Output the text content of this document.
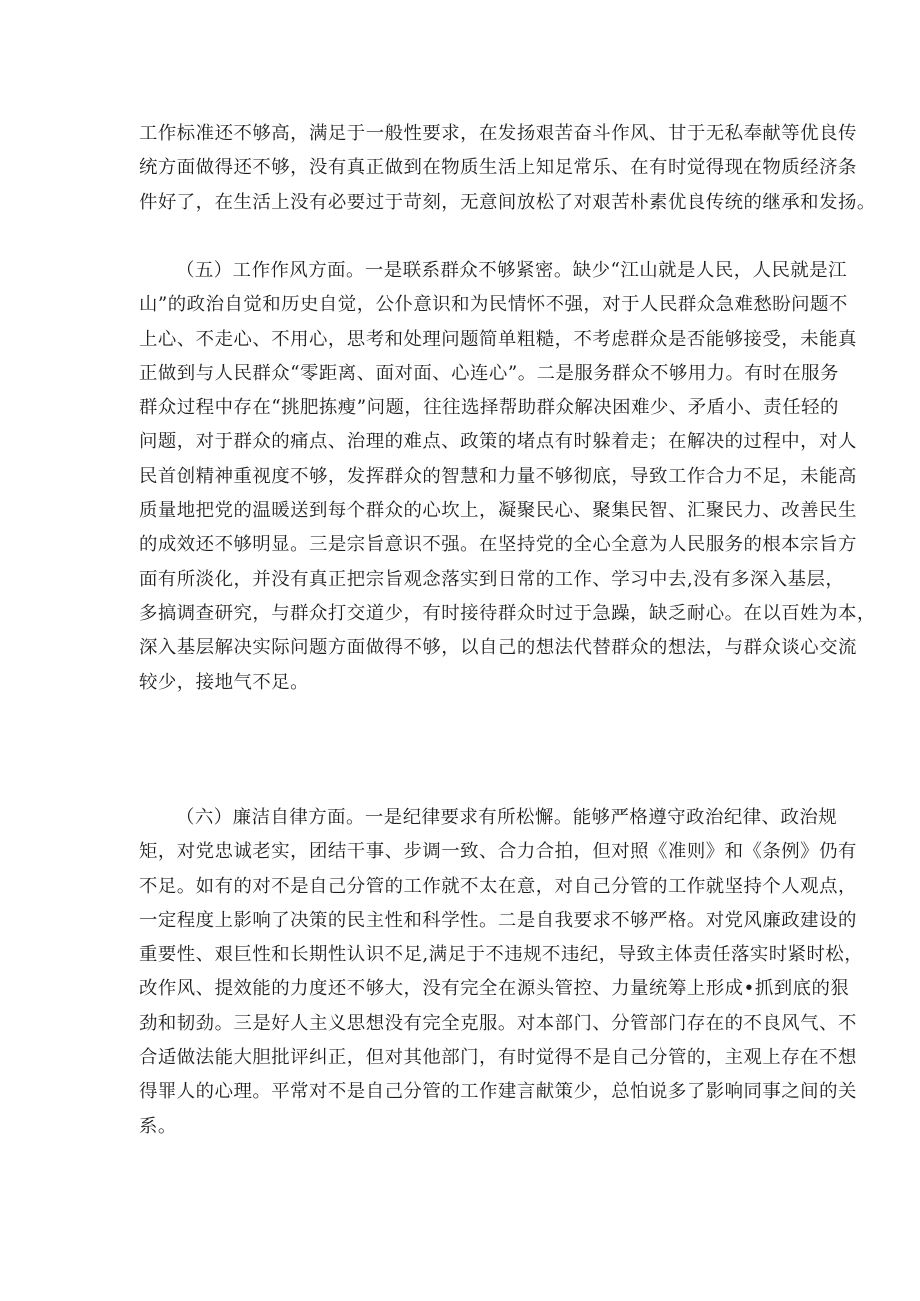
工作标准还不够高，满足于一般性要求，在发扬艰苦奋斗作风、甘于无私奉献等优良传
统方面做得还不够，没有真正做到在物质生活上知足常乐、在有时觉得现在物质经济条
件好了，在生活上没有必要过于苛刻，无意间放松了对艰苦朴素优良传统的继承和发扬。
（五）工作作风方面。一是联系群众不够紧密。缺少“江山就是人民，人民就是江
山”的政治自觉和历史自觉，公仆意识和为民情怀不强，对于人民群众急难愁盼问题不
上心、不走心、不用心，思考和处理问题简单粗糙，不考虑群众是否能够接受，未能真
正做到与人民群众“零距离、面对面、心连心”。二是服务群众不够用力。有时在服务
群众过程中存在“挑肥拣瘦”问题，往往选择帮助群众解决困难少、矛盾小、责任轻的
问题，对于群众的痛点、治理的难点、政策的堵点有时躲着走；在解决的过程中，对人
民首创精神重视度不够，发挥群众的智慧和力量不够彻底，导致工作合力不足，未能高
质量地把党的温暖送到每个群众的心坎上，凝聚民心、聚集民智、汇聚民力、改善民生
的成效还不够明显。三是宗旨意识不强。在坚持党的全心全意为人民服务的根本宗旨方
面有所淡化，并没有真正把宗旨观念落实到日常的工作、学习中去,没有多深入基层，
多搞调查研究，与群众打交道少，有时接待群众时过于急躁，缺乏耐心。在以百姓为本，
深入基层解决实际问题方面做得不够，以自己的想法代替群众的想法，与群众谈心交流
较少，接地气不足。
（六）廉洁自律方面。一是纪律要求有所松懈。能够严格遵守政治纪律、政治规
矩，对党忠诚老实，团结干事、步调一致、合力合拍，但对照《准则》和《条例》仍有
不足。如有的对不是自己分管的工作就不太在意，对自己分管的工作就坚持个人观点，
一定程度上影响了决策的民主性和科学性。二是自我要求不够严格。对党风廉政建设的
重要性、艰巨性和长期性认识不足,满足于不违规不违纪，导致主体责任落实时紧时松，
改作风、提效能的力度还不够大，没有完全在源头管控、力量统筹上形成•抓到底的狠
劲和韧劲。三是好人主义思想没有完全克服。对本部门、分管部门存在的不良风气、不
合适做法能大胆批评纠正，但对其他部门，有时觉得不是自己分管的，主观上存在不想
得罪人的心理。平常对不是自己分管的工作建言献策少，总怕说多了影响同事之间的关
系。
